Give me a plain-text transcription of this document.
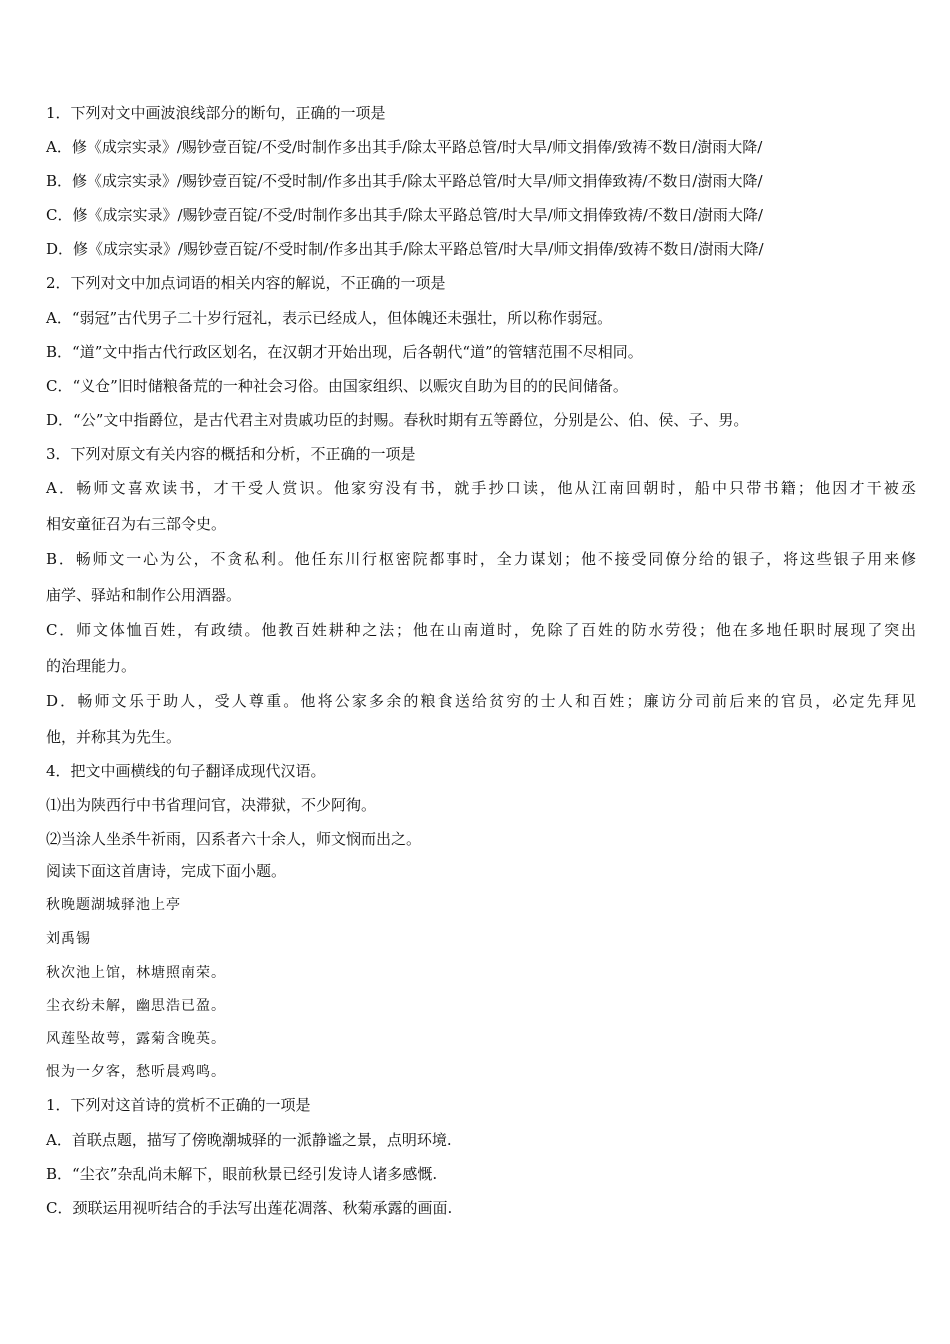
1．下列对文中画波浪线部分的断句，正确的一项是
A．修《成宗实录》/赐钞壹百锭/不受/时制作多出其手/除太平路总管/时大旱/师文捐俸/致祷不数日/澍雨大降/
B．修《成宗实录》/赐钞壹百锭/不受时制/作多出其手/除太平路总管/时大旱/师文捐俸致祷/不数日/澍雨大降/
C．修《成宗实录》/赐钞壹百锭/不受/时制作多出其手/除太平路总管/时大旱/师文捐俸致祷/不数日/澍雨大降/
D．修《成宗实录》/赐钞壹百锭/不受时制/作多出其手/除太平路总管/时大旱/师文捐俸/致祷不数日/澍雨大降/
2．下列对文中加点词语的相关内容的解说，不正确的一项是
A．“弱冠”古代男子二十岁行冠礼，表示已经成人，但体魄还未强壮，所以称作弱冠。
B．“道”文中指古代行政区划名，在汉朝才开始出现，后各朝代“道”的管辖范围不尽相同。
C．“义仓”旧时储粮备荒的一种社会习俗。由国家组织、以赈灾自助为目的的民间储备。
D．“公”文中指爵位，是古代君主对贵戚功臣的封赐。春秋时期有五等爵位，分别是公、伯、侯、子、男。
3．下列对原文有关内容的概括和分析，不正确的一项是
A．畅师文喜欢读书，才干受人赏识。他家穷没有书，就手抄口读，他从江南回朝时，船中只带书籍；他因才干被丞
相安童征召为右三部令史。
B．畅师文一心为公，不贪私利。他任东川行枢密院都事时，全力谋划；他不接受同僚分给的银子，将这些银子用来修
庙学、驿站和制作公用酒器。
C．师文体恤百姓，有政绩。他教百姓耕种之法；他在山南道时，免除了百姓的防水劳役；他在多地任职时展现了突出
的治理能力。
D．畅师文乐于助人，受人尊重。他将公家多余的粮食送给贫穷的士人和百姓；廉访分司前后来的官员，必定先拜见
他，并称其为先生。
4．把文中画横线的句子翻译成现代汉语。
⑴出为陕西行中书省理问官，决滞狱，不少阿徇。
⑵当涂人坐杀牛祈雨，囚系者六十余人，师文悯而出之。
阅读下面这首唐诗，完成下面小题。
秋晚题湖城驿池上亭
刘禹锡
秋次池上馆，林塘照南荣。
尘衣纷未解，幽思浩已盈。
风莲坠故萼，露菊含晚英。
恨为一夕客，愁听晨鸡鸣。
1．下列对这首诗的赏析不正确的一项是
A．首联点题，描写了傍晚潮城驿的一派静谧之景，点明环境.
B．“尘衣”杂乱尚未解下，眼前秋景已经引发诗人诸多感慨.
C．颈联运用视听结合的手法写出莲花凋落、秋菊承露的画面.
